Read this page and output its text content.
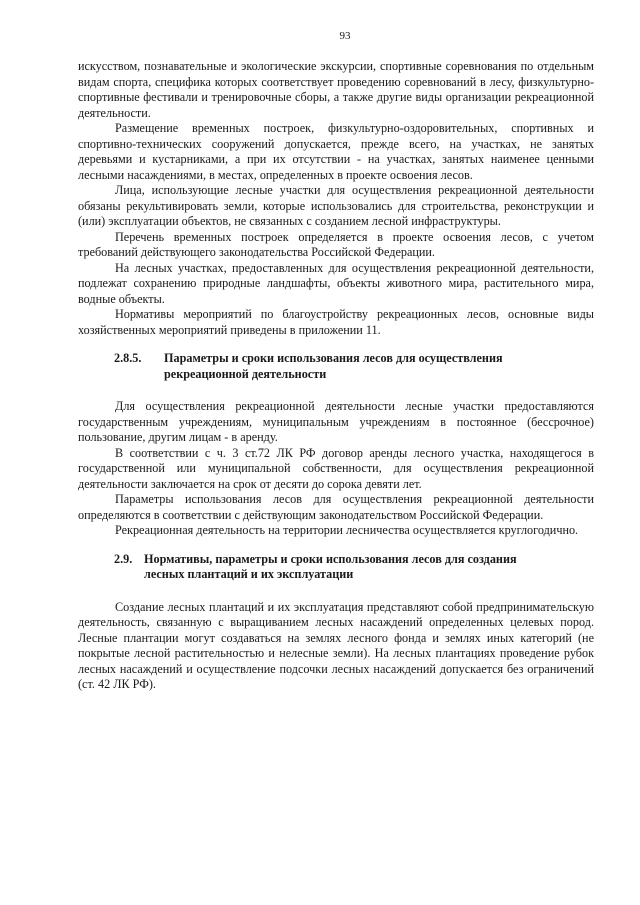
93

искусством, познавательные и экологические экскурсии, спортивные соревнования по отдельным видам спорта, специфика которых соответствует проведению соревнований в лесу, физкультурно-спортивные фестивали и тренировочные сборы, а также другие виды организации рекреационной деятельности.

Размещение временных построек, физкультурно-оздоровительных, спортивных и спортивно-технических сооружений допускается, прежде всего, на участках, не занятых деревьями и кустарниками, а при их отсутствии - на участках, занятых наименее ценными лесными насаждениями, в местах, определенных в проекте освоения лесов.

Лица, использующие лесные участки для осуществления рекреационной деятельности обязаны рекультивировать земли, которые использовались для строительства, реконструкции и (или) эксплуатации объектов, не связанных с созданием лесной инфраструктуры.

Перечень временных построек определяется в проекте освоения лесов, с учетом требований действующего законодательства Российской Федерации.

На лесных участках, предоставленных для осуществления рекреационной деятельности, подлежат сохранению природные ландшафты, объекты животного мира, растительного мира, водные объекты.

Нормативы мероприятий по благоустройству рекреационных лесов, основные виды хозяйственных мероприятий приведены в приложении 11.

2.8.5. Параметры и сроки использования лесов для осуществления
рекреационной деятельности

Для осуществления рекреационной деятельности лесные участки предоставляются государственным учреждениям, муниципальным учреждениям в постоянное (бессрочное) пользование, другим лицам - в аренду.

В соответствии с ч. 3 ст.72 ЛК РФ договор аренды лесного участка, находящегося в государственной или муниципальной собственности, для осуществления рекреационной деятельности заключается на срок от десяти до сорока девяти лет.

Параметры использования лесов для осуществления рекреационной деятельности определяются в соответствии с действующим законодательством Российской Федерации.

Рекреационная деятельность на территории лесничества осуществляется круглогодично.

2.9. Нормативы, параметры и сроки использования лесов для создания
лесных плантаций и их эксплуатации

Создание лесных плантаций и их эксплуатация представляют собой предпринимательскую деятельность, связанную с выращиванием лесных насаждений определенных целевых пород. Лесные плантации могут создаваться на землях лесного фонда и землях иных категорий (не покрытые лесной растительностью и нелесные земли). На лесных плантациях проведение рубок лесных насаждений и осуществление подсочки лесных насаждений допускается без ограничений (ст. 42 ЛК РФ).
